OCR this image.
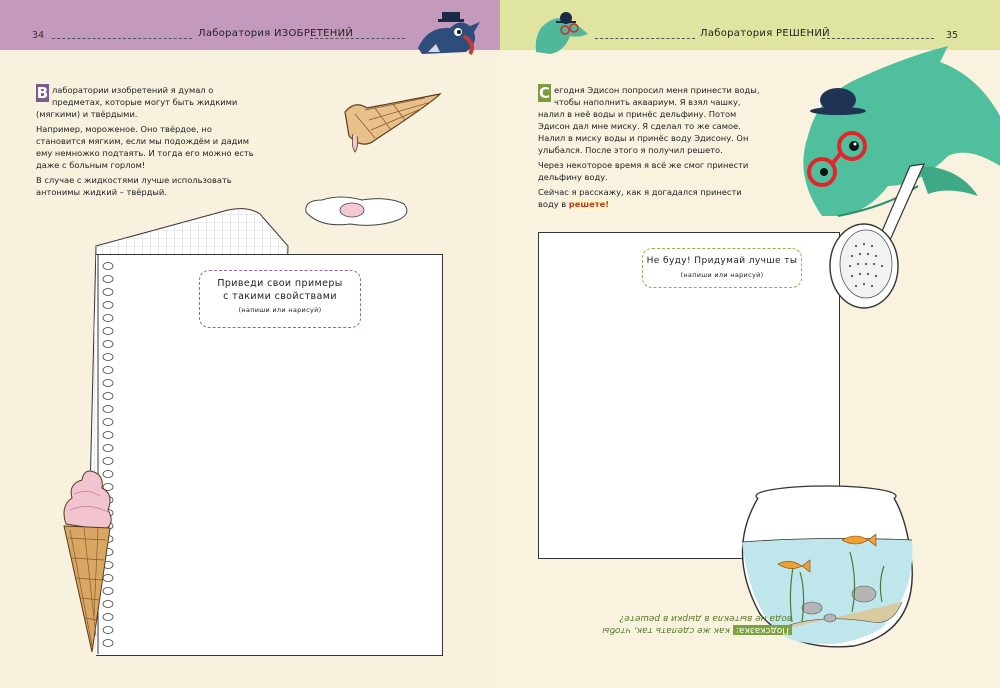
34	Лаборатория ИЗОБРЕТЕНИЙ

В лаборатории изобретений я думал о предметах, которые могут быть жидкими (мягкими) и твёрдыми.

Например, мороженое. Оно твёрдое, но становится мягким, если мы подождём и дадим ему немножко подтаять. И тогда его можно есть даже с больным горлом!

В случае с жидкостями лучше использовать антонимы жидкий – твёрдый.

Приведи свои примеры
с такими свойствами
(напиши или нарисуй)
Лаборатория РЕШЕНИЙ	35

С егодня Эдисон попросил меня принести воды, чтобы наполнить аквариум. Я взял чашку, налил в неё воды и принёс дельфину. Потом Эдисон дал мне миску. Я сделал то же самое. Налил в миску воды и принёс воду Эдисону. Он улыбался. После этого я получил решето.

Через некоторое время я всё же смог принести дельфину воду.

Сейчас я расскажу, как я догадался принести воду в решете!

Не буду! Придумай лучше ты
(напиши или нарисуй)
Подсказка: как же сделать так, чтобы
вода не вытекла в дырки в решете?
